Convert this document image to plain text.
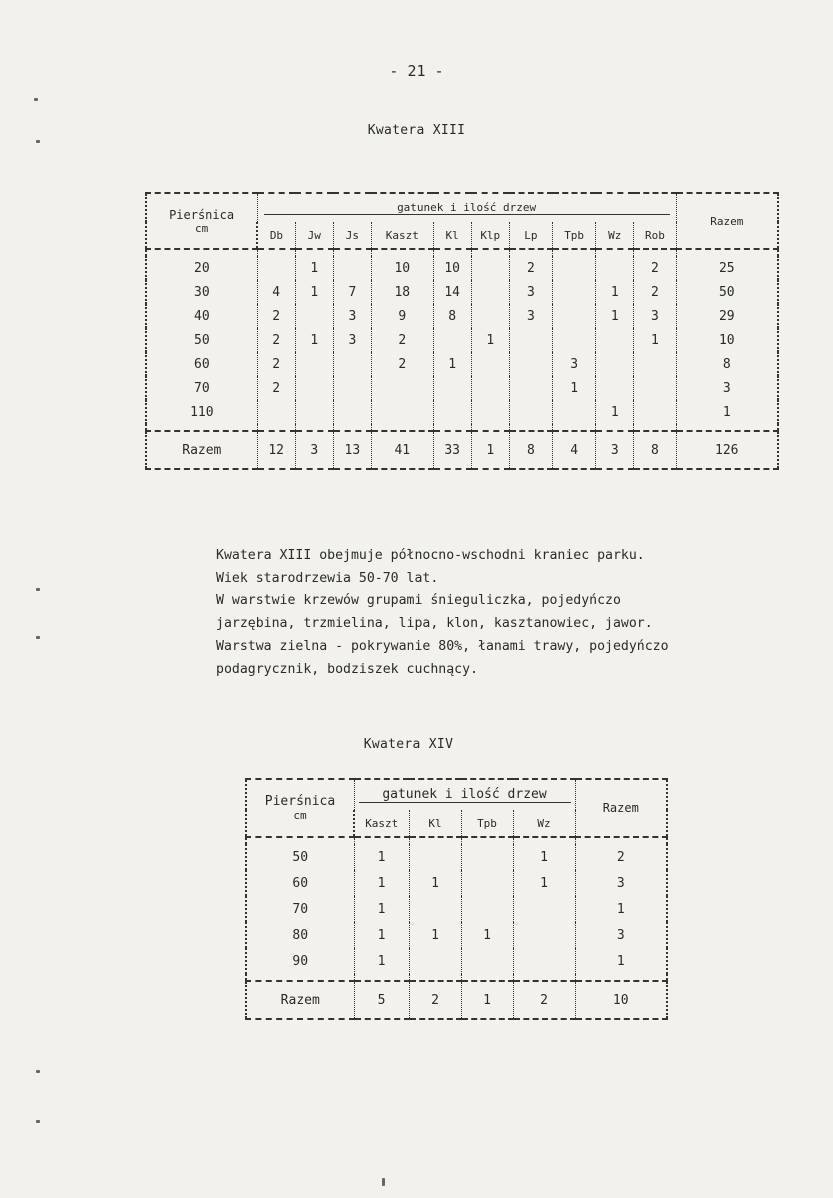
- 21 -
Kwatera XIII
Pierśnica
cm	gatunek i ilość drzew										Razem
	Db	Jw	Js	Kaszt	Kl	Klp	Lp	Tpb	Wz	Rob	

20		1		10	10		2			2	25
30	4	1	7	18	14		3		1	2	50
40	2		3	9	8		3		1	3	29
50	2	1	3	2		1				1	10
60	2			2	1			3			8
70	2							1			3
110									1		1

Razem	12	3	13	41	33	1	8	4	3	8	126
Kwatera XIII obejmuje północno-wschodni kraniec parku.
Wiek starodrzewia 50-70 lat.
W warstwie krzewów grupami śnieguliczka, pojedyńczo
jarzębina, trzmielina, lipa, klon, kasztanowiec, jawor.
Warstwa zielna - pokrywanie 80%, łanami trawy, pojedyńczo
podagrycznik, bodziszek cuchnący.
Kwatera XIV
Pierśnica
cm	gatunek i ilość drzew				Razem
	Kaszt	Kl	Tpb	Wz	

50	1			1	2
60	1	1		1	3
70	1				1
80	1	1	1		3
90	1				1

Razem	5	2	1	2	10
